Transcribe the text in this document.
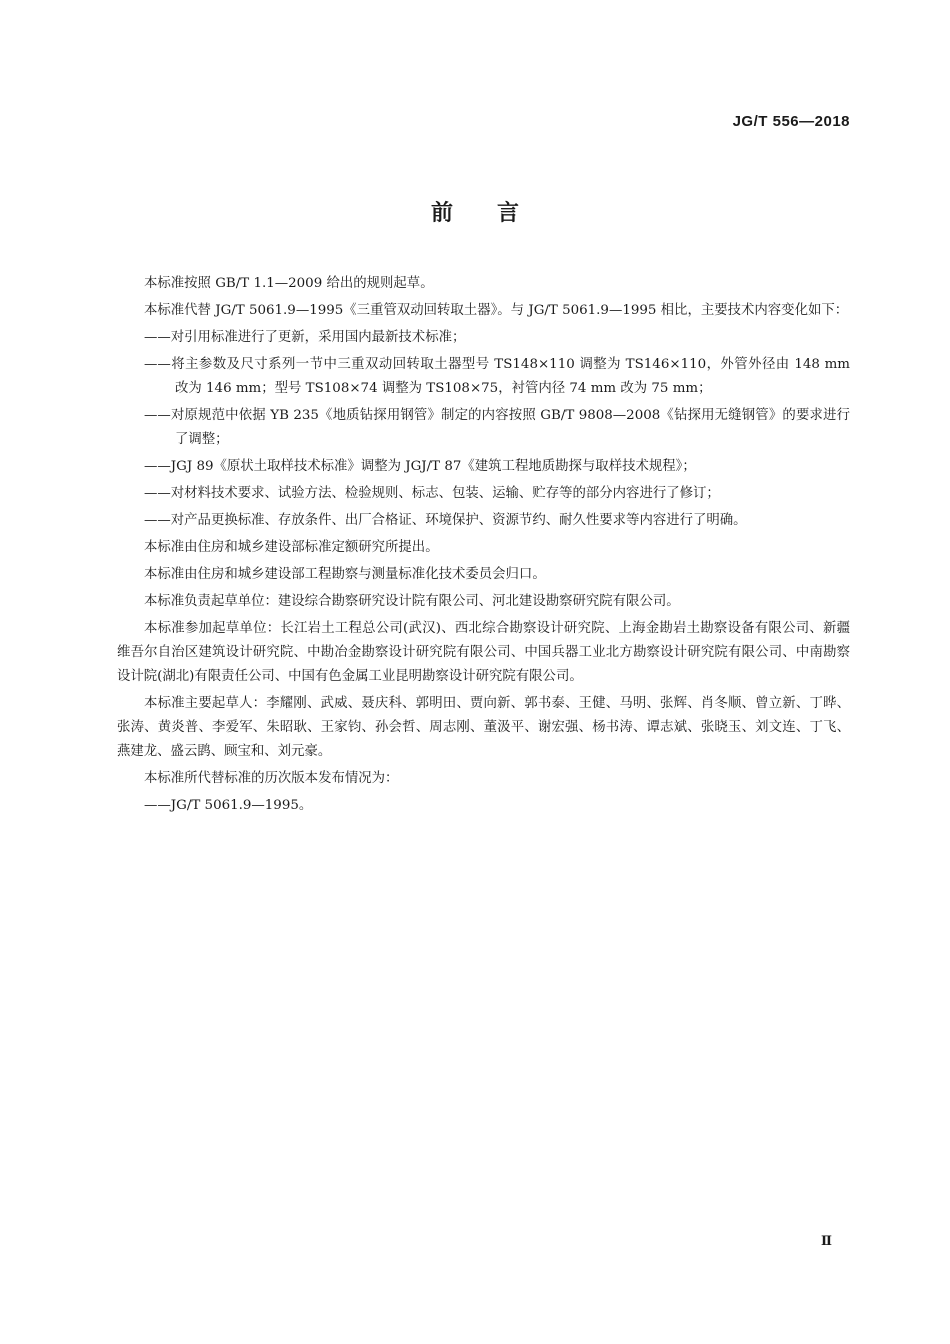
JG/T 556—2018
前言

本标准按照 GB/T 1.1—2009 给出的规则起草。

本标准代替 JG/T 5061.9—1995《三重管双动回转取土器》。与 JG/T 5061.9—1995 相比，主要技术内容变化如下：

——对引用标准进行了更新，采用国内最新技术标准；

——将主参数及尺寸系列一节中三重双动回转取土器型号 TS148×110 调整为 TS146×110，外管外径由 148 mm 改为 146 mm；型号 TS108×74 调整为 TS108×75，衬管内径 74 mm 改为 75 mm；

——对原规范中依据 YB 235《地质钻探用钢管》制定的内容按照 GB/T 9808—2008《钻探用无缝钢管》的要求进行了调整；

——JGJ 89《原状土取样技术标准》调整为 JGJ/T 87《建筑工程地质勘探与取样技术规程》；

——对材料技术要求、试验方法、检验规则、标志、包装、运输、贮存等的部分内容进行了修订；

——对产品更换标准、存放条件、出厂合格证、环境保护、资源节约、耐久性要求等内容进行了明确。

本标准由住房和城乡建设部标准定额研究所提出。

本标准由住房和城乡建设部工程勘察与测量标准化技术委员会归口。

本标准负责起草单位：建设综合勘察研究设计院有限公司、河北建设勘察研究院有限公司。

本标准参加起草单位：长江岩土工程总公司(武汉)、西北综合勘察设计研究院、上海金勘岩土勘察设备有限公司、新疆维吾尔自治区建筑设计研究院、中勘冶金勘察设计研究院有限公司、中国兵器工业北方勘察设计研究院有限公司、中南勘察设计院(湖北)有限责任公司、中国有色金属工业昆明勘察设计研究院有限公司。

本标准主要起草人：李耀刚、武威、聂庆科、郭明田、贾向新、郭书泰、王健、马明、张辉、肖冬顺、曾立新、丁晔、张涛、黄炎普、李爱军、朱昭耿、王家钧、孙会哲、周志刚、董汲平、谢宏强、杨书涛、谭志斌、张晓玉、刘文连、丁飞、燕建龙、盛云鹍、顾宝和、刘元豪。

本标准所代替标准的历次版本发布情况为：

——JG/T 5061.9—1995。

Ⅱ
